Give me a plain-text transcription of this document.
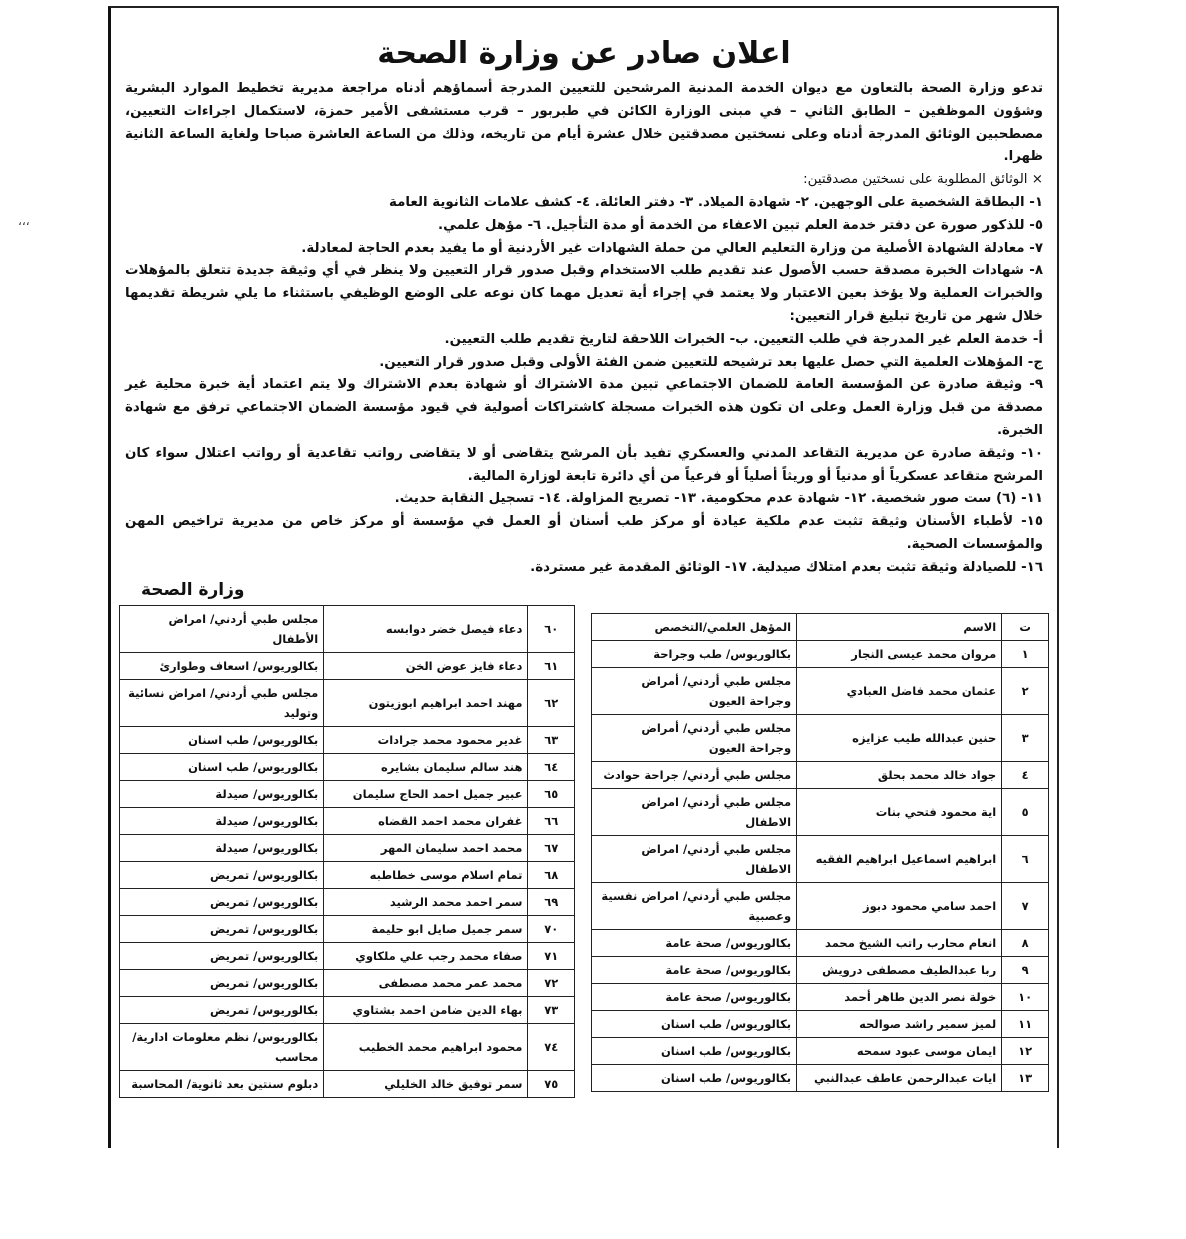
اعلان صادر عن وزارة الصحة

تدعو وزارة الصحة بالتعاون مع ديوان الخدمة المدنية المرشحين للتعيين المدرجة أسماؤهم أدناه مراجعة مديرية تخطيط الموارد البشرية وشؤون الموظفين – الطابق الثاني – في مبنى الوزارة الكائن في طبربور – قرب مستشفى الأمير حمزة، لاستكمال اجراءات التعيين، مصطحبين الوثائق المدرجة أدناه وعلى نسختين مصدقتين خلال عشرة أيام من تاريخه، وذلك من الساعة العاشرة صباحا ولغاية الساعة الثانية ظهرا.

× الوثائق المطلوبة على نسختين مصدقتين:

١- البطاقة الشخصية على الوجهين. ٢- شهادة الميلاد. ٣- دفتر العائلة. ٤- كشف علامات الثانوية العامة

٥- للذكور صورة عن دفتر خدمة العلم تبين الاعفاء من الخدمة أو مدة التأجيل. ٦- مؤهل علمي.

٧- معادلة الشهادة الأصلية من وزارة التعليم العالي من حملة الشهادات غير الأردنية أو ما يفيد بعدم الحاجة لمعادلة.

٨- شهادات الخبرة مصدقة حسب الأصول عند تقديم طلب الاستخدام وقبل صدور قرار التعيين ولا ينظر في أي وثيقة جديدة تتعلق بالمؤهلات والخبرات العملية ولا يؤخذ بعين الاعتبار ولا يعتمد في إجراء أية تعديل مهما كان نوعه على الوضع الوظيفي باستثناء ما يلي شريطة تقديمها خلال شهر من تاريخ تبليغ قرار التعيين:

أ- خدمة العلم غير المدرجة في طلب التعيين. ب- الخبرات اللاحقة لتاريخ تقديم طلب التعيين.

ج- المؤهلات العلمية التي حصل عليها بعد ترشيحه للتعيين ضمن الفئة الأولى وقبل صدور قرار التعيين.

٩- وثيقة صادرة عن المؤسسة العامة للضمان الاجتماعي تبين مدة الاشتراك أو شهادة بعدم الاشتراك ولا يتم اعتماد أية خبرة محلية غير مصدقة من قبل وزارة العمل وعلى ان تكون هذه الخبرات مسجلة كاشتراكات أصولية في قيود مؤسسة الضمان الاجتماعي ترفق مع شهادة الخبرة.

١٠- وثيقة صادرة عن مديرية التقاعد المدني والعسكري تفيد بأن المرشح يتقاضى أو لا يتقاضى رواتب تقاعدية أو رواتب اعتلال سواء كان المرشح متقاعد عسكرياً أو مدنياً أو وريثاً أصلياً أو فرعياً من أي دائرة تابعة لوزارة المالية.

١١- (٦) ست صور شخصية. ١٢- شهادة عدم محكومية. ١٣- تصريح المزاولة. ١٤- تسجيل النقابة حديث.

١٥- لأطباء الأسنان وثيقة تثبت عدم ملكية عيادة أو مركز طب أسنان أو العمل في مؤسسة أو مركز خاص من مديرية تراخيص المهن والمؤسسات الصحية.

١٦- للصيادلة وثيقة تثبت بعدم امتلاك صيدلية. ١٧- الوثائق المقدمة غير مستردة.

وزارة الصحة
ت	الاسم	المؤهل العلمي/التخصص
١	مروان محمد عيسى النجار	بكالوريوس/ طب وجراحة
٢	عثمان محمد فاضل العبادي	مجلس طبي أردني/ أمراض وجراحة العيون
٣	حنين عبدالله طيب عزايزه	مجلس طبي أردني/ أمراض وجراحة العيون
٤	جواد خالد محمد بحلق	مجلس طبي أردني/ جراحة حوادث
٥	اية محمود فتحي بنات	مجلس طبي أردني/ امراض الاطفال
٦	ابراهيم اسماعيل ابراهيم الفقيه	مجلس طبي أردني/ امراض الاطفال
٧	احمد سامي محمود دبوز	مجلس طبي أردني/ امراض نفسية وعصبية
٨	انعام محارب راتب الشيخ محمد	بكالوريوس/ صحة عامة
٩	ربا عبدالطيف مصطفى درويش	بكالوريوس/ صحة عامة
١٠	خولة نصر الدين طاهر أحمد	بكالوريوس/ صحة عامة
١١	لميز سمير راشد صوالحه	بكالوريوس/ طب اسنان
١٢	ايمان موسى عبود سمحه	بكالوريوس/ طب اسنان
١٣	ايات عبدالرحمن عاطف عبدالنبي	بكالوريوس/ طب اسنان
٦٠	دعاء فيصل خضر دوابسه	مجلس طبي أردني/ امراض الأطفال
٦١	دعاء فايز عوض الخن	بكالوريوس/ اسعاف وطوارئ
٦٢	مهند احمد ابراهيم ابوزيتون	مجلس طبي أردني/ امراض نسائية وتوليد
٦٣	غدير محمود محمد جرادات	بكالوريوس/ طب اسنان
٦٤	هند سالم سليمان بشايره	بكالوريوس/ طب اسنان
٦٥	عبير جميل احمد الحاج سليمان	بكالوريوس/ صيدلة
٦٦	غفران محمد احمد القضاه	بكالوريوس/ صيدلة
٦٧	محمد احمد سليمان المهر	بكالوريوس/ صيدلة
٦٨	تمام اسلام موسى خطاطبه	بكالوريوس/ تمريض
٦٩	سمر احمد محمد الرشيد	بكالوريوس/ تمريض
٧٠	سمر جميل صايل ابو حليمة	بكالوريوس/ تمريض
٧١	صفاء محمد رجب علي ملكاوي	بكالوريوس/ تمريض
٧٢	محمد عمر محمد مصطفى	بكالوريوس/ تمريض
٧٣	بهاء الدين ضامن احمد بشتاوي	بكالوريوس/ تمريض
٧٤	محمود ابراهيم محمد الخطيب	بكالوريوس/ نظم معلومات ادارية/ محاسب
٧٥	سمر توفيق خالد الخليلي	دبلوم سنتين بعد ثانوية/ المحاسبة
،،،
